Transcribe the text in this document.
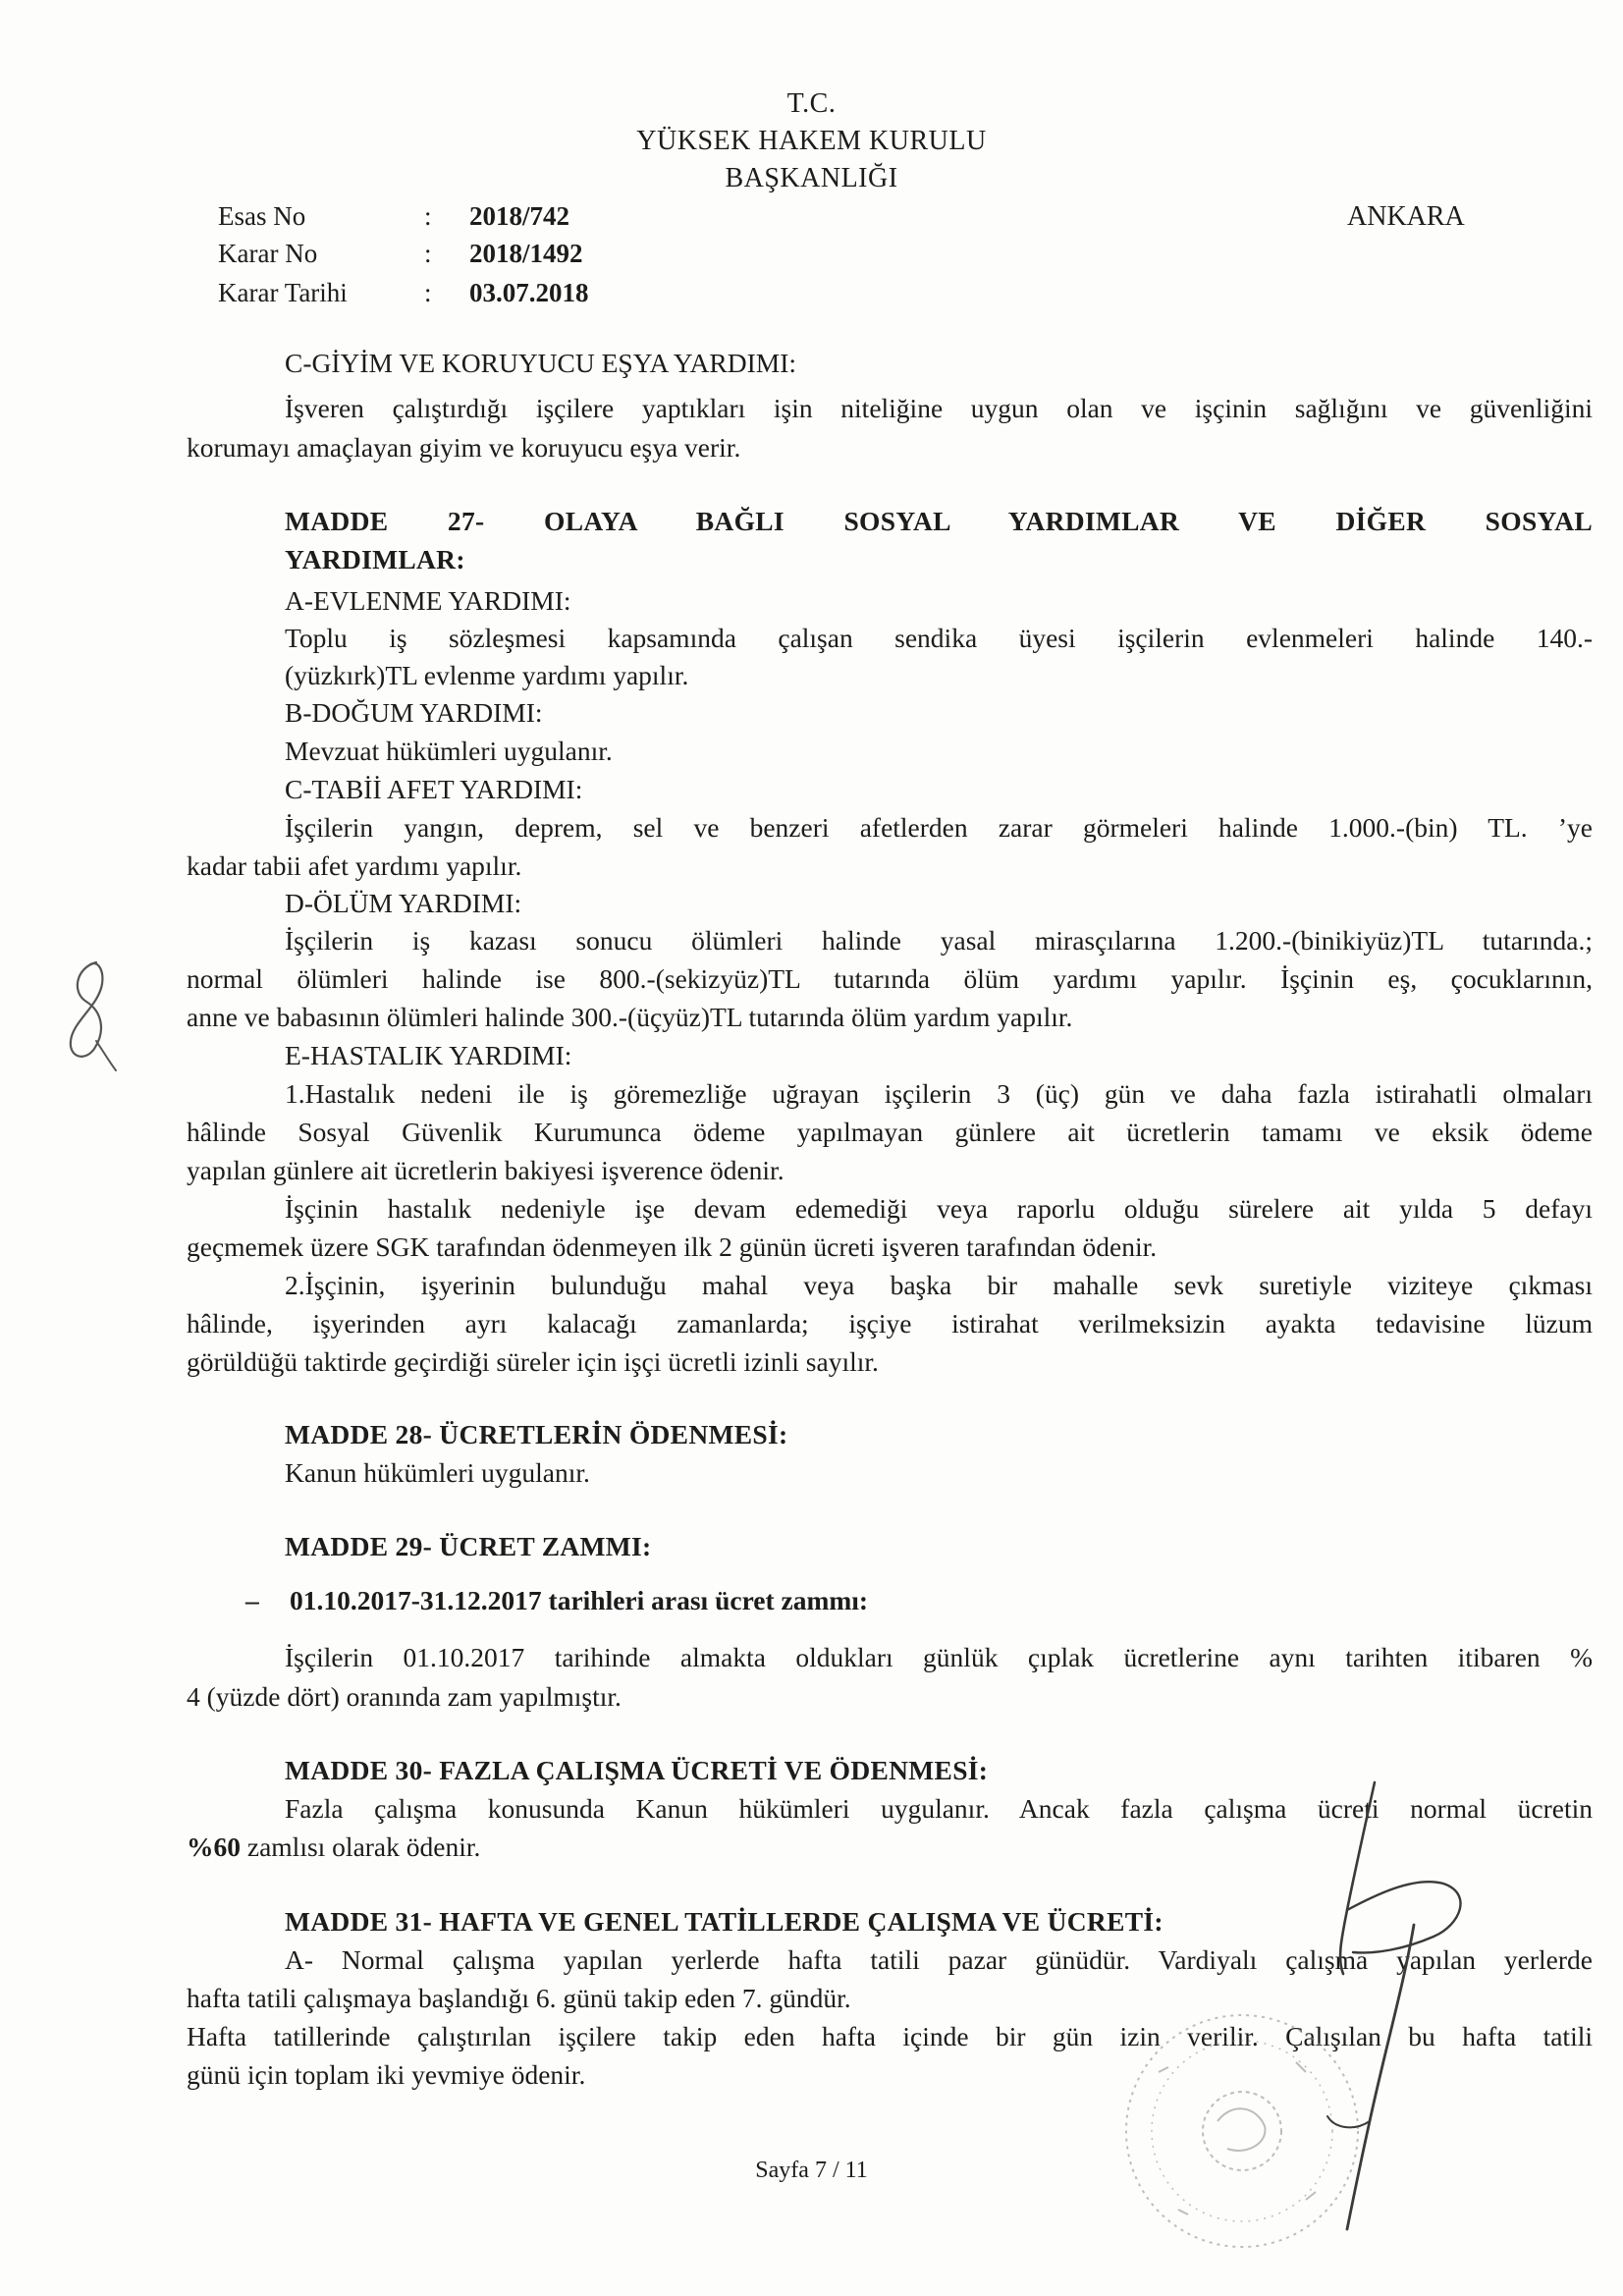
T.C.
YÜKSEK HAKEM KURULU
BAŞKANLIĞI
ANKARA
Esas No	: 2018/742
Karar No	: 2018/1492
Karar Tarihi	: 03.07.2018
C-GİYİM VE KORUYUCU EŞYA YARDIMI:
İşveren çalıştırdığı işçilere yaptıkları işin niteliğine uygun olan ve işçinin sağlığını ve güvenliğini
korumayı amaçlayan giyim ve koruyucu eşya verir.
MADDE 27- OLAYA BAĞLI SOSYAL YARDIMLAR VE DİĞER SOSYAL
YARDIMLAR:
A-EVLENME YARDIMI:
Toplu iş sözleşmesi kapsamında çalışan sendika üyesi işçilerin evlenmeleri halinde 140.-
(yüzkırk)TL evlenme yardımı yapılır.
B-DOĞUM YARDIMI:
Mevzuat hükümleri uygulanır.
C-TABİİ AFET YARDIMI:
İşçilerin yangın, deprem, sel ve benzeri afetlerden zarar görmeleri halinde 1.000.-(bin) TL. ’ye
kadar tabii afet yardımı yapılır.
D-ÖLÜM YARDIMI:
İşçilerin iş kazası sonucu ölümleri halinde yasal mirasçılarına 1.200.-(binikiyüz)TL tutarında.;
normal ölümleri halinde ise 800.-(sekizyüz)TL tutarında ölüm yardımı yapılır. İşçinin eş, çocuklarının,
anne ve babasının ölümleri halinde 300.-(üçyüz)TL tutarında ölüm yardım yapılır.
E-HASTALIK YARDIMI:
1.Hastalık nedeni ile iş göremezliğe uğrayan işçilerin 3 (üç) gün ve daha fazla istirahatli olmaları
hâlinde Sosyal Güvenlik Kurumunca ödeme yapılmayan günlere ait ücretlerin tamamı ve eksik ödeme
yapılan günlere ait ücretlerin bakiyesi işverence ödenir.
İşçinin hastalık nedeniyle işe devam edemediği veya raporlu olduğu sürelere ait yılda 5 defayı
geçmemek üzere SGK tarafından ödenmeyen ilk 2 günün ücreti işveren tarafından ödenir.
2.İşçinin, işyerinin bulunduğu mahal veya başka bir mahalle sevk suretiyle viziteye çıkması
hâlinde, işyerinden ayrı kalacağı zamanlarda; işçiye istirahat verilmeksizin ayakta tedavisine lüzum
görüldüğü taktirde geçirdiği süreler için işçi ücretli izinli sayılır.
MADDE 28- ÜCRETLERİN ÖDENMESİ:
Kanun hükümleri uygulanır.
MADDE 29- ÜCRET ZAMMI:
– 01.10.2017-31.12.2017 tarihleri arası ücret zammı:
İşçilerin 01.10.2017 tarihinde almakta oldukları günlük çıplak ücretlerine aynı tarihten itibaren %
4 (yüzde dört) oranında zam yapılmıştır.
MADDE 30- FAZLA ÇALIŞMA ÜCRETİ VE ÖDENMESİ:
Fazla çalışma konusunda Kanun hükümleri uygulanır. Ancak fazla çalışma ücreti normal ücretin
%60 zamlısı olarak ödenir.
MADDE 31- HAFTA VE GENEL TATİLLERDE ÇALIŞMA VE ÜCRETİ:
A- Normal çalışma yapılan yerlerde hafta tatili pazar günüdür. Vardiyalı çalışma yapılan yerlerde
hafta tatili çalışmaya başlandığı 6. günü takip eden 7. gündür.
Hafta tatillerinde çalıştırılan işçilere takip eden hafta içinde bir gün izin verilir. Çalışılan bu hafta tatili
günü için toplam iki yevmiye ödenir.
Sayfa 7 / 11
